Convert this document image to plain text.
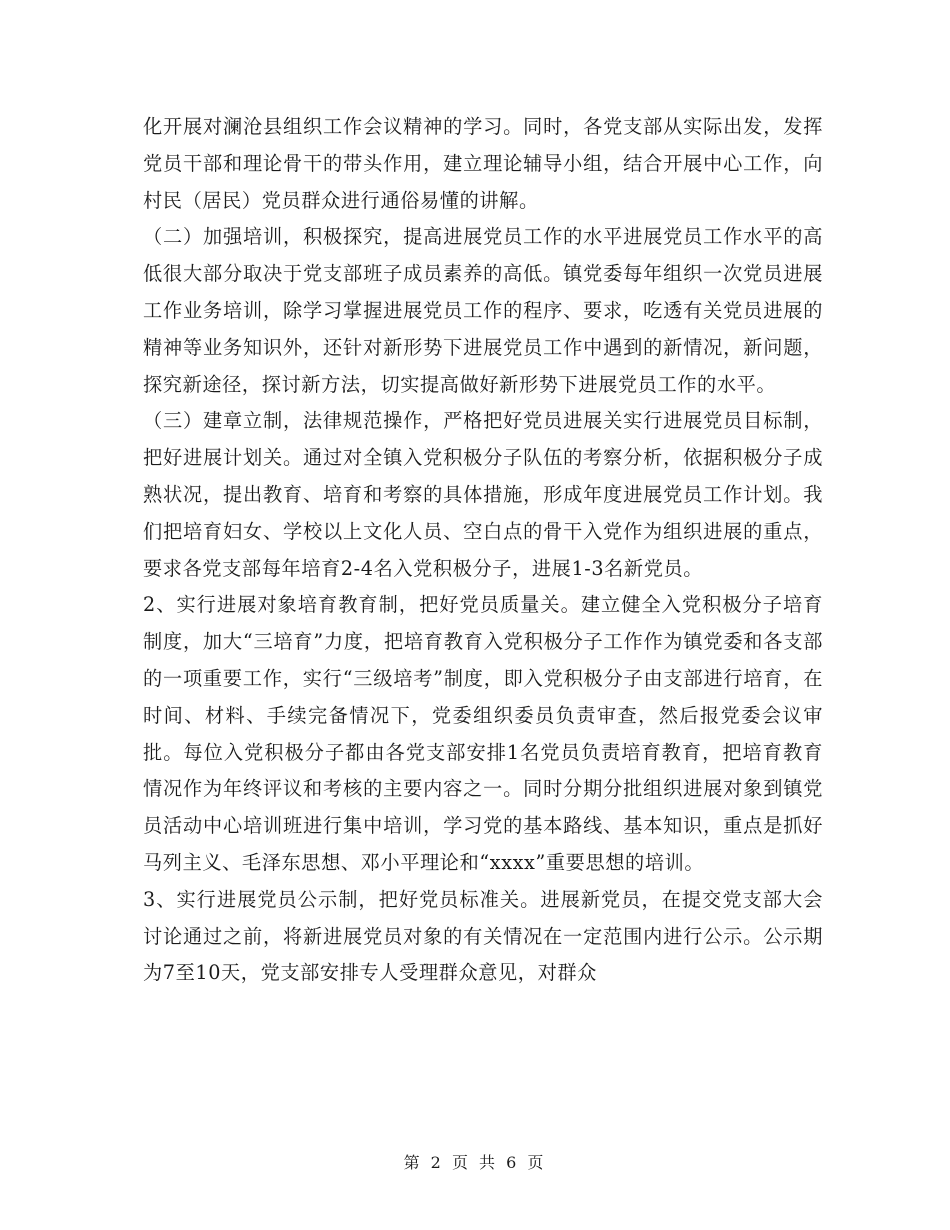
化开展对澜沧县组织工作会议精神的学习。同时，各党支部从实际出发，发挥党员干部和理论骨干的带头作用，建立理论辅导小组，结合开展中心工作，向村民（居民）党员群众进行通俗易懂的讲解。

（二）加强培训，积极探究，提高进展党员工作的水平进展党员工作水平的高低很大部分取决于党支部班子成员素养的高低。镇党委每年组织一次党员进展工作业务培训，除学习掌握进展党员工作的程序、要求，吃透有关党员进展的精神等业务知识外，还针对新形势下进展党员工作中遇到的新情况，新问题，探究新途径，探讨新方法，切实提高做好新形势下进展党员工作的水平。

（三）建章立制，法律规范操作，严格把好党员进展关实行进展党员目标制，把好进展计划关。通过对全镇入党积极分子队伍的考察分析，依据积极分子成熟状况，提出教育、培育和考察的具体措施，形成年度进展党员工作计划。我们把培育妇女、学校以上文化人员、空白点的骨干入党作为组织进展的重点，要求各党支部每年培育2-4名入党积极分子，进展1-3名新党员。

2、实行进展对象培育教育制，把好党员质量关。建立健全入党积极分子培育制度，加大“三培育”力度，把培育教育入党积极分子工作作为镇党委和各支部的一项重要工作，实行“三级培考”制度，即入党积极分子由支部进行培育，在时间、材料、手续完备情况下，党委组织委员负责审查，然后报党委会议审批。每位入党积极分子都由各党支部安排1名党员负责培育教育，把培育教育情况作为年终评议和考核的主要内容之一。同时分期分批组织进展对象到镇党员活动中心培训班进行集中培训，学习党的基本路线、基本知识，重点是抓好马列主义、毛泽东思想、邓小平理论和“xxxx”重要思想的培训。

3、实行进展党员公示制，把好党员标准关。进展新党员，在提交党支部大会讨论通过之前，将新进展党员对象的有关情况在一定范围内进行公示。公示期为7至10天，党支部安排专人受理群众意见，对群众

第 2 页 共 6 页
